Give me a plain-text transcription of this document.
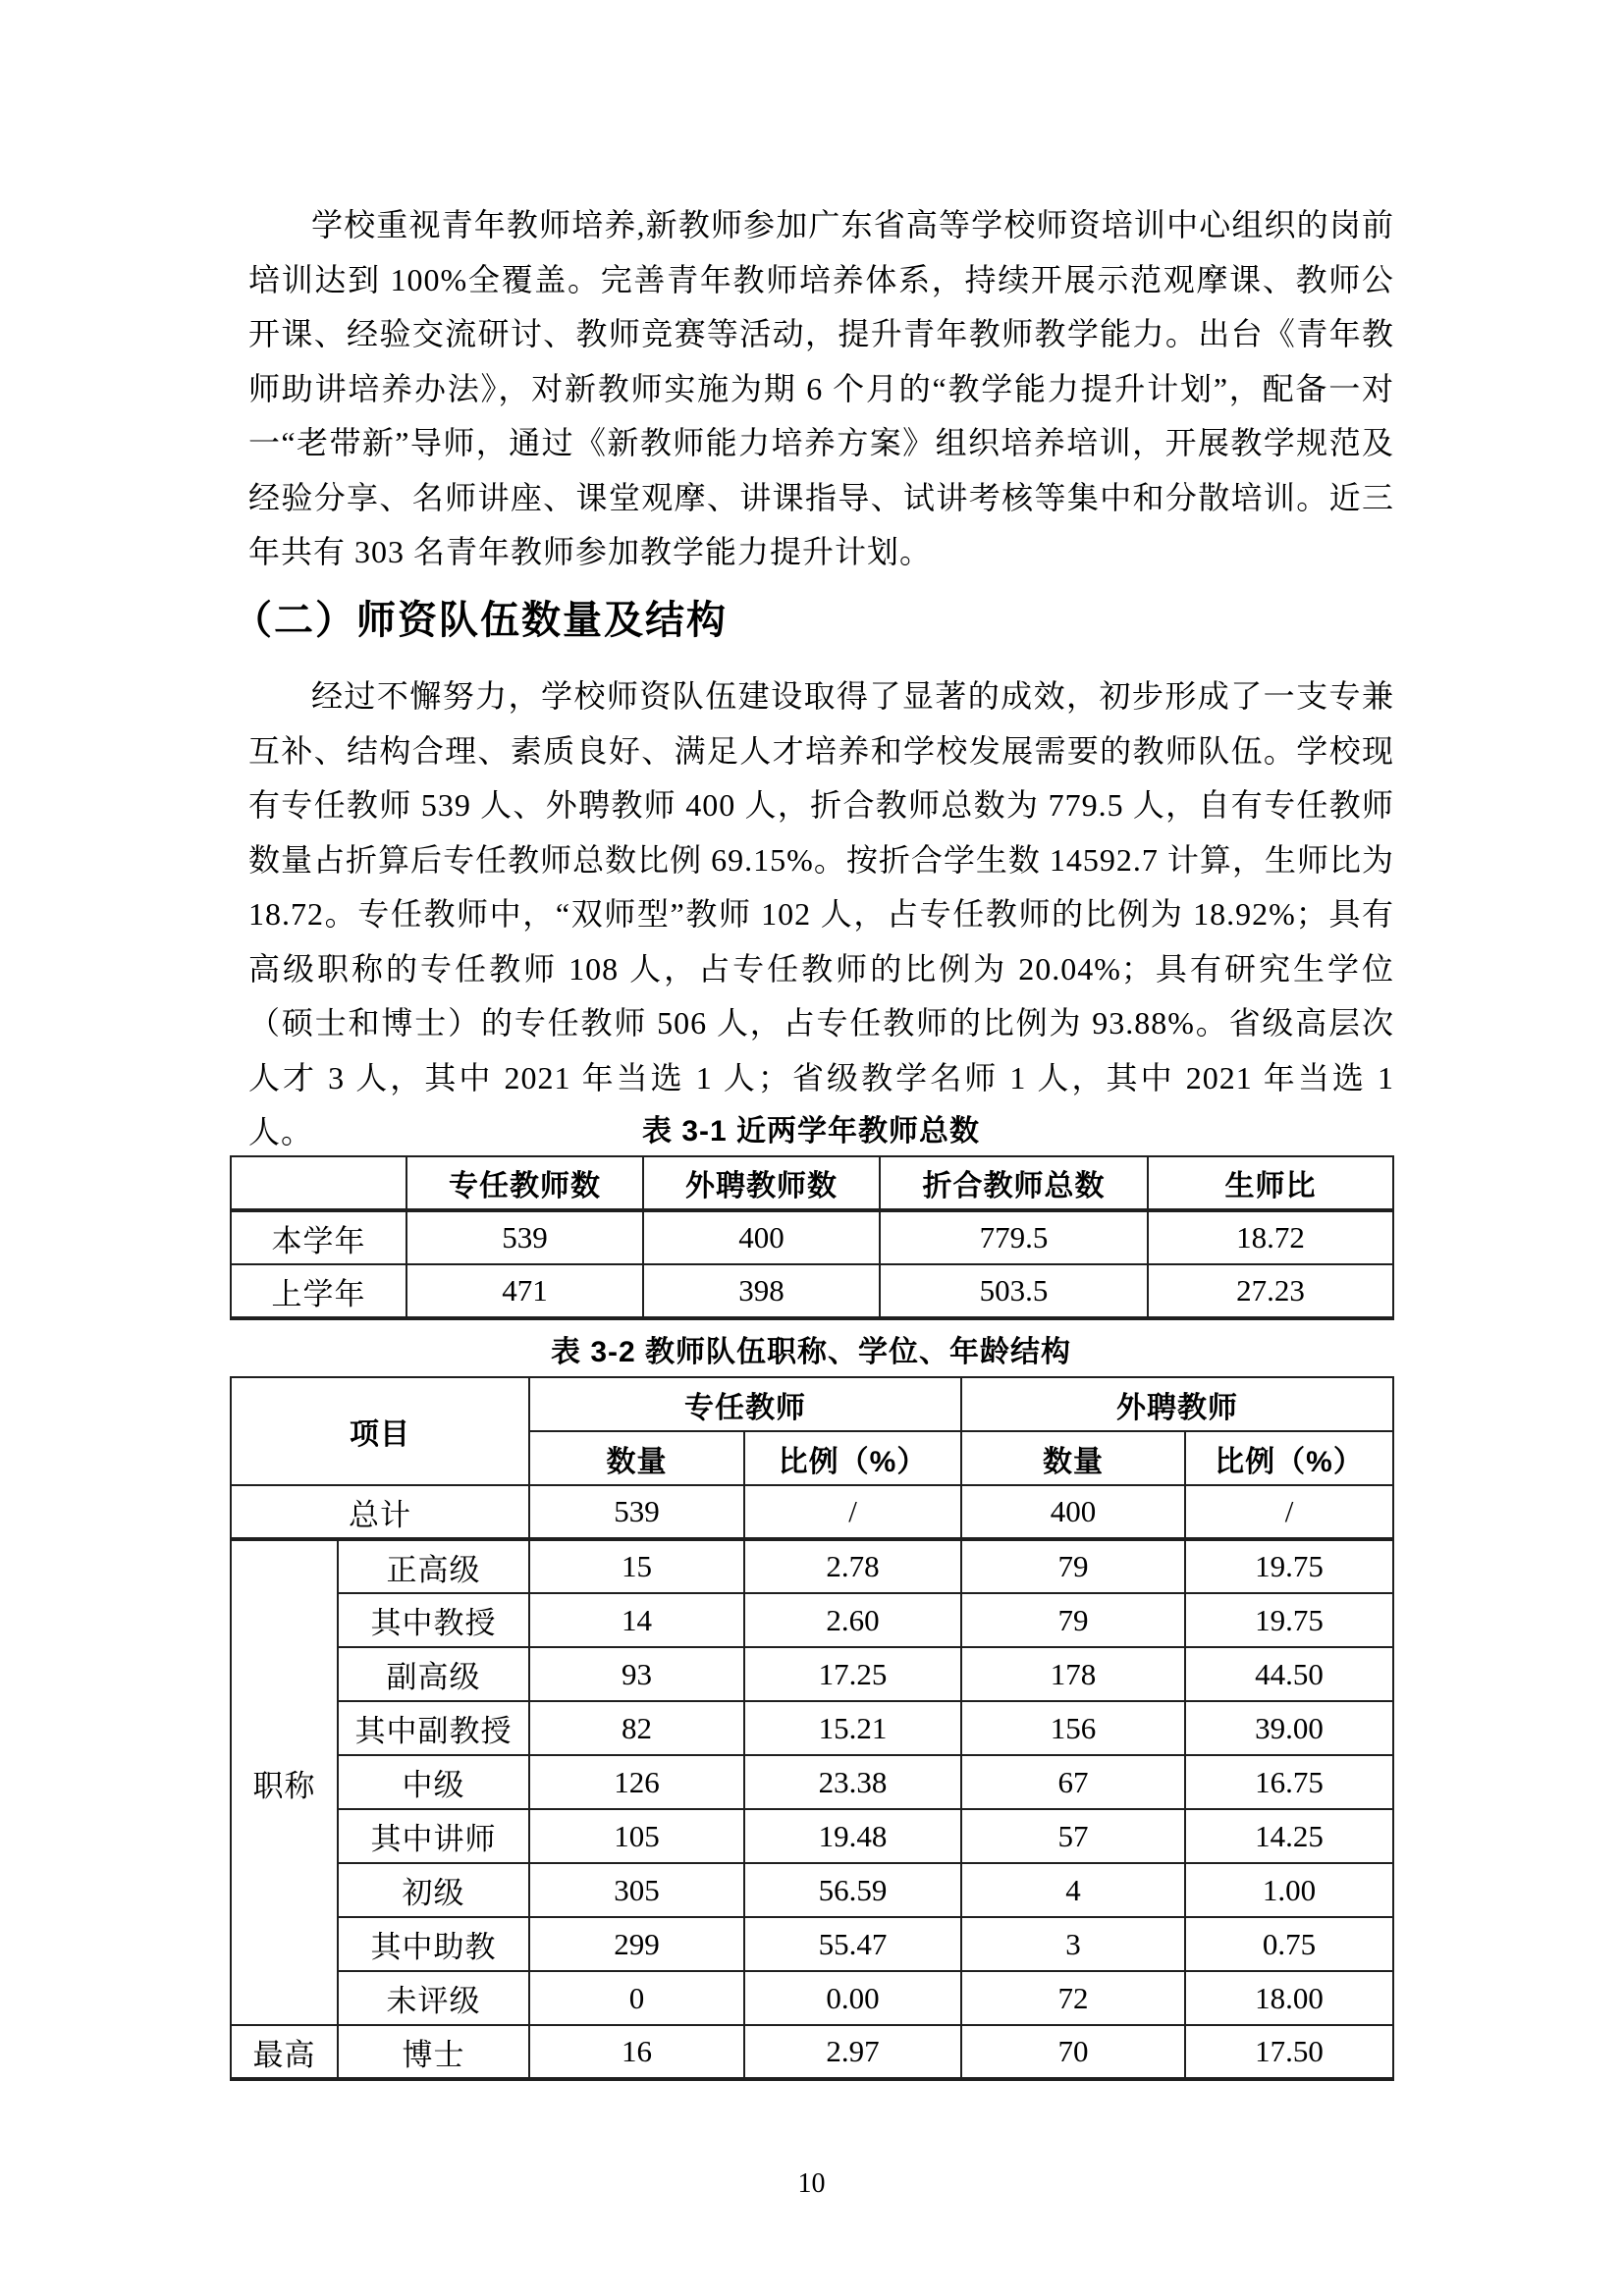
学校重视青年教师培养,新教师参加广东省高等学校师资培训中心组织的岗前培训达到 100%全覆盖。完善青年教师培养体系，持续开展示范观摩课、教师公开课、经验交流研讨、教师竞赛等活动，提升青年教师教学能力。出台《青年教师助讲培养办法》，对新教师实施为期 6 个月的“教学能力提升计划”，配备一对一“老带新”导师，通过《新教师能力培养方案》组织培养培训，开展教学规范及经验分享、名师讲座、课堂观摩、讲课指导、试讲考核等集中和分散培训。近三年共有 303 名青年教师参加教学能力提升计划。
（二）师资队伍数量及结构
经过不懈努力，学校师资队伍建设取得了显著的成效，初步形成了一支专兼互补、结构合理、素质良好、满足人才培养和学校发展需要的教师队伍。学校现有专任教师 539 人、外聘教师 400 人，折合教师总数为 779.5 人，自有专任教师数量占折算后专任教师总数比例 69.15%。按折合学生数 14592.7 计算，生师比为 18.72。专任教师中，“双师型”教师 102 人，占专任教师的比例为 18.92%；具有高级职称的专任教师 108 人，占专任教师的比例为 20.04%；具有研究生学位（硕士和博士）的专任教师 506 人，占专任教师的比例为 93.88%。省级高层次人才 3 人，其中 2021 年当选 1 人；省级教学名师 1 人，其中 2021 年当选 1 人。	表 3-1 近两学年教师总数
	专任教师数	外聘教师数	折合教师总数	生师比
本学年	539	400	779.5	18.72
上学年	471	398	503.5	27.23
表 3-2 教师队伍职称、学位、年龄结构
项目		专任教师		外聘教师	
		数量	比例（%）	数量	比例（%）
总计		539	/	400	/
职称	正高级	15	2.78	79	19.75
	其中教授	14	2.60	79	19.75
	副高级	93	17.25	178	44.50
	其中副教授	82	15.21	156	39.00
	中级	126	23.38	67	16.75
	其中讲师	105	19.48	57	14.25
	初级	305	56.59	4	1.00
	其中助教	299	55.47	3	0.75
	未评级	0	0.00	72	18.00
最高	博士	16	2.97	70	17.50
10
